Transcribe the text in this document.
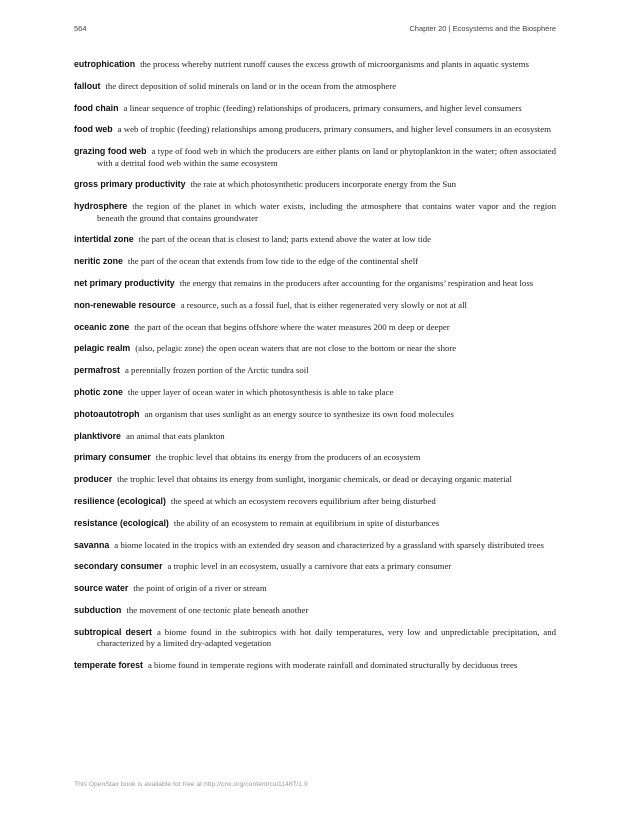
564	Chapter 20 | Ecosystems and the Biosphere

eutrophication the process whereby nutrient runoff causes the excess growth of microorganisms and plants in aquatic systems

fallout the direct deposition of solid minerals on land or in the ocean from the atmosphere

food chain a linear sequence of trophic (feeding) relationships of producers, primary consumers, and higher level consumers

food web a web of trophic (feeding) relationships among producers, primary consumers, and higher level consumers in an ecosystem

grazing food web a type of food web in which the producers are either plants on land or phytoplankton in the water; often associated with a detrital food web within the same ecosystem

gross primary productivity the rate at which photosynthetic producers incorporate energy from the Sun

hydrosphere the region of the planet in which water exists, including the atmosphere that contains water vapor and the region beneath the ground that contains groundwater

intertidal zone the part of the ocean that is closest to land; parts extend above the water at low tide

neritic zone the part of the ocean that extends from low tide to the edge of the continental shelf

net primary productivity the energy that remains in the producers after accounting for the organisms’ respiration and heat loss

non-renewable resource a resource, such as a fossil fuel, that is either regenerated very slowly or not at all

oceanic zone the part of the ocean that begins offshore where the water measures 200 m deep or deeper

pelagic realm (also, pelagic zone) the open ocean waters that are not close to the bottom or near the shore

permafrost a perennially frozen portion of the Arctic tundra soil

photic zone the upper layer of ocean water in which photosynthesis is able to take place

photoautotroph an organism that uses sunlight as an energy source to synthesize its own food molecules

planktivore an animal that eats plankton

primary consumer the trophic level that obtains its energy from the producers of an ecosystem

producer the trophic level that obtains its energy from sunlight, inorganic chemicals, or dead or decaying organic material

resilience (ecological) the speed at which an ecosystem recovers equilibrium after being disturbed

resistance (ecological) the ability of an ecosystem to remain at equilibrium in spite of disturbances

savanna a biome located in the tropics with an extended dry season and characterized by a grassland with sparsely distributed trees

secondary consumer a trophic level in an ecosystem, usually a carnivore that eats a primary consumer

source water the point of origin of a river or stream

subduction the movement of one tectonic plate beneath another

subtropical desert a biome found in the subtropics with hot daily temperatures, very low and unpredictable precipitation, and characterized by a limited dry-adapted vegetation

temperate forest a biome found in temperate regions with moderate rainfall and dominated structurally by deciduous trees

This OpenStax book is available for free at http://cnx.org/content/col11487/1.9
